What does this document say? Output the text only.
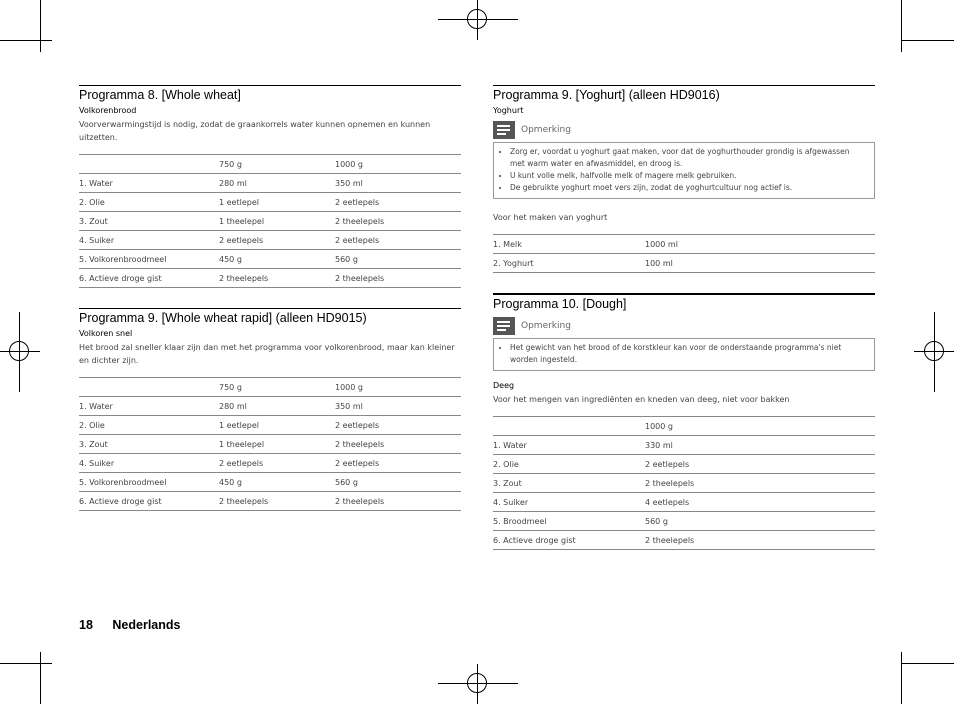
Programma 8. [Whole wheat]

Volkorenbrood

Voorverwarmingstijd is nodig, zodat de graankorrels water kunnen opnemen en kunnen uitzetten.

	750 g	1000 g
1. Water	280 ml	350 ml
2. Olie	1 eetlepel	2 eetlepels
3. Zout	1 theelepel	2 theelepels
4. Suiker	2 eetlepels	2 eetlepels
5. Volkorenbroodmeel	450 g	560 g
6. Actieve droge gist	2 theelepels	2 theelepels
Programma 9. [Whole wheat rapid] (alleen HD9015)

Volkoren snel

Het brood zal sneller klaar zijn dan met het programma voor volkorenbrood, maar kan kleiner en dichter zijn.

	750 g	1000 g
1. Water	280 ml	350 ml
2. Olie	1 eetlepel	2 eetlepels
3. Zout	1 theelepel	2 theelepels
4. Suiker	2 eetlepels	2 eetlepels
5. Volkorenbroodmeel	450 g	560 g
6. Actieve droge gist	2 theelepels	2 theelepels
Programma 9. [Yoghurt] (alleen HD9016)

Yoghurt

Opmerking
• Zorg er, voordat u yoghurt gaat maken, voor dat de yoghurthouder grondig is afgewassen met warm water en afwasmiddel, en droog is.
• U kunt volle melk, halfvolle melk of magere melk gebruiken.
• De gebruikte yoghurt moet vers zijn, zodat de yoghurtcultuur nog actief is.

Voor het maken van yoghurt

1. Melk	1000 ml
2. Yoghurt	100 ml
Programma 10. [Dough]
Opmerking
• Het gewicht van het brood of de korstkleur kan voor de onderstaande programma's niet worden ingesteld.

Deeg

Voor het mengen van ingrediënten en kneden van deeg, niet voor bakken

	1000 g
1. Water	330 ml
2. Olie	2 eetlepels
3. Zout	2 theelepels
4. Suiker	4 eetlepels
5. Broodmeel	560 g
6. Actieve droge gist	2 theelepels
18 Nederlands
